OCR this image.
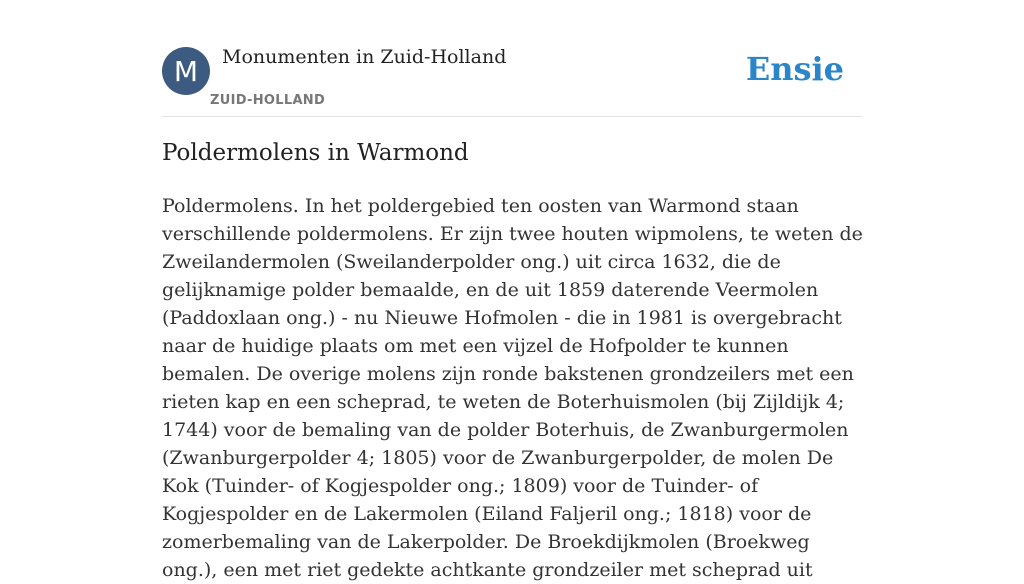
M	Monumenten in Zuid-Holland
ZUID-HOLLAND
Ensie
Poldermolens in Warmond

Poldermolens. In het poldergebied ten oosten van Warmond staan verschillende poldermolens. Er zijn twee houten wipmolens, te weten de Zweilandermolen (Sweilanderpolder ong.) uit circa 1632, die de gelijknamige polder bemaalde, en de uit 1859 daterende Veermolen (Paddoxlaan ong.) - nu Nieuwe Hofmolen - die in 1981 is overgebracht naar de huidige plaats om met een vijzel de Hofpolder te kunnen bemalen. De overige molens zijn ronde bakstenen grondzeilers met een rieten kap en een scheprad, te weten de Boterhuismolen (bij Zijldijk 4; 1744) voor de bemaling van de polder Boterhuis, de Zwanburgermolen (Zwanburgerpolder 4; 1805) voor de Zwanburgerpolder, de molen De Kok (Tuinder- of Kogjespolder ong.; 1809) voor de Tuinder- of Kogjespolder en de Lakermolen (Eiland Faljeril ong.; 1818) voor de zomerbemaling van de Lakerpolder. De Broekdijkmolen (Broekweg ong.), een met riet gedekte achtkante grondzeiler met scheprad uit
